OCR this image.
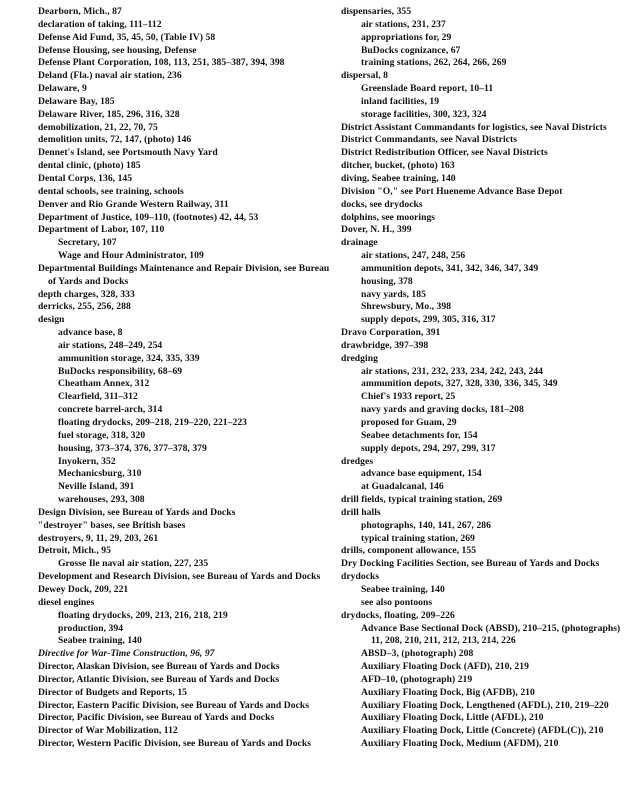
Dearborn, Mich., 87
declaration of taking, 111–112
Defense Aid Fund, 35, 45, 50, (Table IV) 58
Defense Housing, see housing, Defense
Defense Plant Corporation, 108, 113, 251, 385–387, 394, 398
Deland (Fla.) naval air station, 236
Delaware, 9
Delaware Bay, 185
Delaware River, 185, 296, 316, 328
demobilization, 21, 22, 70, 75
demolition units, 72, 147, (photo) 146
Dennet's Island, see Portsmouth Navy Yard
dental clinic, (photo) 185
Dental Corps, 136, 145
dental schools, see training, schools
Denver and Rio Grande Western Railway, 311
Department of Justice, 109–110, (footnotes) 42, 44, 53
Department of Labor, 107, 110
Secretary, 107
Wage and Hour Administrator, 109
Departmental Buildings Maintenance and Repair Division, see Bureau of Yards and Docks
depth charges, 328, 333
derricks, 255, 256, 288
design
advance base, 8
air stations, 248–249, 254
ammunition storage, 324, 335, 339
BuDocks responsibility, 68–69
Cheatham Annex, 312
Clearfield, 311–312
concrete barrel-arch, 314
floating drydocks, 209–218, 219–220, 221–223
fuel storage, 318, 320
housing, 373–374, 376, 377–378, 379
Inyokern, 352
Mechanicsburg, 310
Neville Island, 391
warehouses, 293, 308
Design Division, see Bureau of Yards and Docks
"destroyer" bases, see British bases
destroyers, 9, 11, 29, 203, 261
Detroit, Mich., 95
Grosse Ile naval air station, 227, 235
Development and Research Division, see Bureau of Yards and Docks
Dewey Dock, 209, 221
diesel engines
floating drydocks, 209, 213, 216, 218, 219
production, 394
Seabee training, 140
Directive for War-Time Construction, 96, 97
Director, Alaskan Division, see Bureau of Yards and Docks
Director, Atlantic Division, see Bureau of Yards and Docks
Director of Budgets and Reports, 15
Director, Eastern Pacific Division, see Bureau of Yards and Docks
Director, Pacific Division, see Bureau of Yards and Docks
Director of War Mobilization, 112
Director, Western Pacific Division, see Bureau of Yards and Docks
dispensaries, 355
air stations, 231, 237
appropriations for, 29
BuDocks cognizance, 67
training stations, 262, 264, 266, 269
dispersal, 8
Greenslade Board report, 10–11
inland facilities, 19
storage facilities, 300, 323, 324
District Assistant Commandants for logistics, see Naval Districts
District Commandants, see Naval Districts
District Redistribution Officer, see Naval Districts
ditcher, bucket, (photo) 163
diving, Seabee training, 140
Division "O," see Port Hueneme Advance Base Depot
docks, see drydocks
dolphins, see moorings
Dover, N. H., 399
drainage
air stations, 247, 248, 256
ammunition depots, 341, 342, 346, 347, 349
housing, 378
navy yards, 185
Shrewsbury, Mo., 398
supply depots, 299, 305, 316, 317
Dravo Corporation, 391
drawbridge, 397–398
dredging
air stations, 231, 232, 233, 234, 242, 243, 244
ammunition depots, 327, 328, 330, 336, 345, 349
Chief's 1933 report, 25
navy yards and graving docks, 181–208
proposed for Guam, 29
Seabee detachments for, 154
supply depots, 294, 297, 299, 317
dredges
advance base equipment, 154
at Guadalcanal, 146
drill fields, typical training station, 269
drill halls
photographs, 140, 141, 267, 286
typical training station, 269
drills, component allowance, 155
Dry Docking Facilities Section, see Bureau of Yards and Docks
drydocks
Seabee training, 140
see also pontoons
drydocks, floating, 209–226
Advance Base Sectional Dock (ABSD), 210–215, (photographs) 11, 208, 210, 211, 212, 213, 214, 226
ABSD–3, (photograph) 208
Auxiliary Floating Dock (AFD), 210, 219
AFD–10, (photograph) 219
Auxiliary Floating Dock, Big (AFDB), 210
Auxiliary Floating Dock, Lengthened (AFDL), 210, 219–220
Auxiliary Floating Dock, Little (AFDL), 210
Auxiliary Floating Dock, Little (Concrete) (AFDL(C)), 210
Auxiliary Floating Dock, Medium (AFDM), 210
